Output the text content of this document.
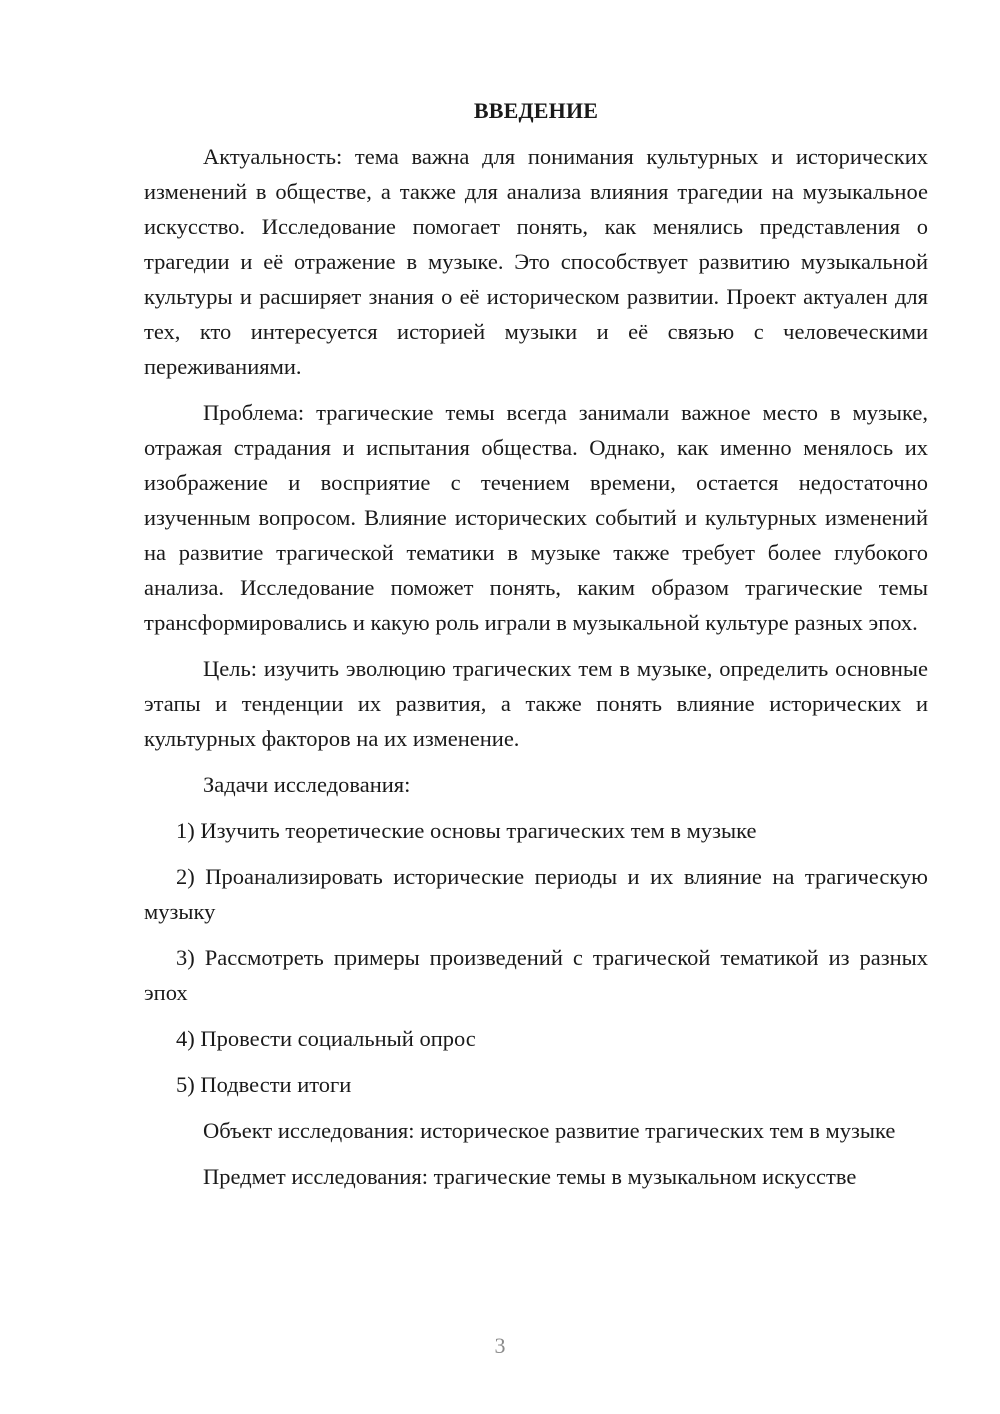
ВВЕДЕНИЕ

Актуальность: тема важна для понимания культурных и исторических изменений в обществе, а также для анализа влияния трагедии на музыкальное искусство. Исследование помогает понять, как менялись представления о трагедии и её отражение в музыке. Это способствует развитию музыкальной культуры и расширяет знания о её историческом развитии. Проект актуален для тех, кто интересуется историей музыки и её связью с человеческими переживаниями.

Проблема: трагические темы всегда занимали важное место в музыке, отражая страдания и испытания общества. Однако, как именно менялось их изображение и восприятие с течением времени, остается недостаточно изученным вопросом. Влияние исторических событий и культурных изменений на развитие трагической тематики в музыке также требует более глубокого анализа. Исследование поможет понять, каким образом трагические темы трансформировались и какую роль играли в музыкальной культуре разных эпох.

Цель: изучить эволюцию трагических тем в музыке, определить основные этапы и тенденции их развития, а также понять влияние исторических и культурных факторов на их изменение.

Задачи исследования:

1) Изучить теоретические основы трагических тем в музыке

2) Проанализировать исторические периоды и их влияние на трагическую музыку

3) Рассмотреть примеры произведений с трагической тематикой из разных эпох

4) Провести социальный опрос

5) Подвести итоги

Объект исследования: историческое развитие трагических тем в музыке

Предмет исследования: трагические темы в музыкальном искусстве

3
